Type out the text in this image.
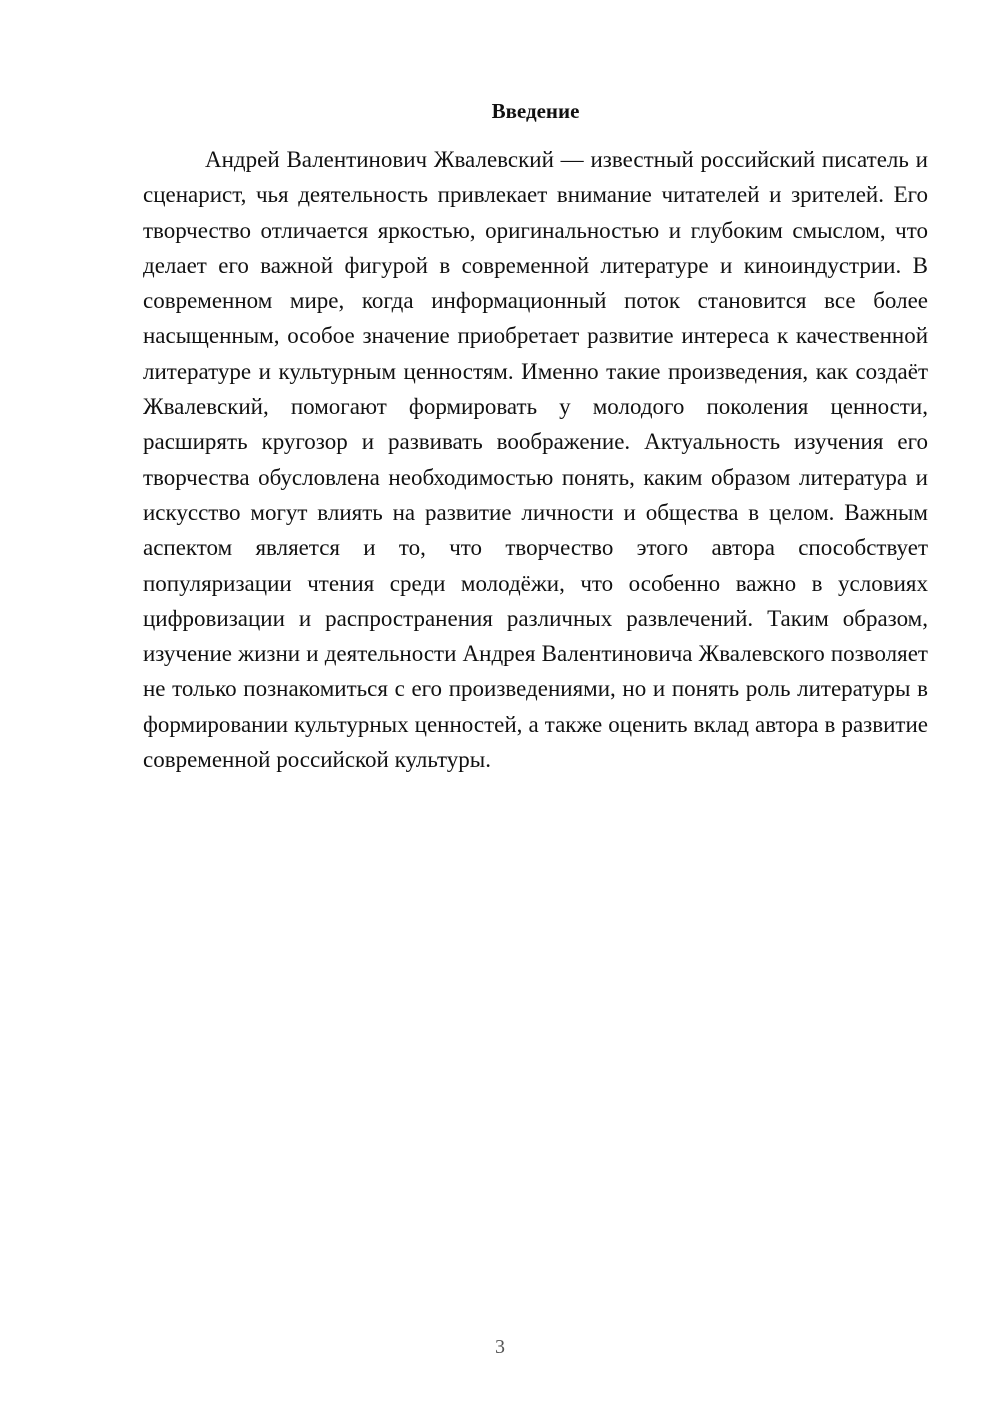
Введение

Андрей Валентинович Жвалевский — известный российский писатель и сценарист, чья деятельность привлекает внимание читателей и зрителей. Его творчество отличается яркостью, оригинальностью и глубоким смыслом, что делает его важной фигурой в современной литературе и киноиндустрии. В современном мире, когда информационный поток становится все более насыщенным, особое значение приобретает развитие интереса к качественной литературе и культурным ценностям. Именно такие произведения, как создаёт Жвалевский, помогают формировать у молодого поколения ценности, расширять кругозор и развивать воображение. Актуальность изучения его творчества обусловлена необходимостью понять, каким образом литература и искусство могут влиять на развитие личности и общества в целом. Важным аспектом является и то, что творчество этого автора способствует популяризации чтения среди молодёжи, что особенно важно в условиях цифровизации и распространения различных развлечений. Таким образом, изучение жизни и деятельности Андрея Валентиновича Жвалевского позволяет не только познакомиться с его произведениями, но и понять роль литературы в формировании культурных ценностей, а также оценить вклад автора в развитие современной российской культуры.

3
